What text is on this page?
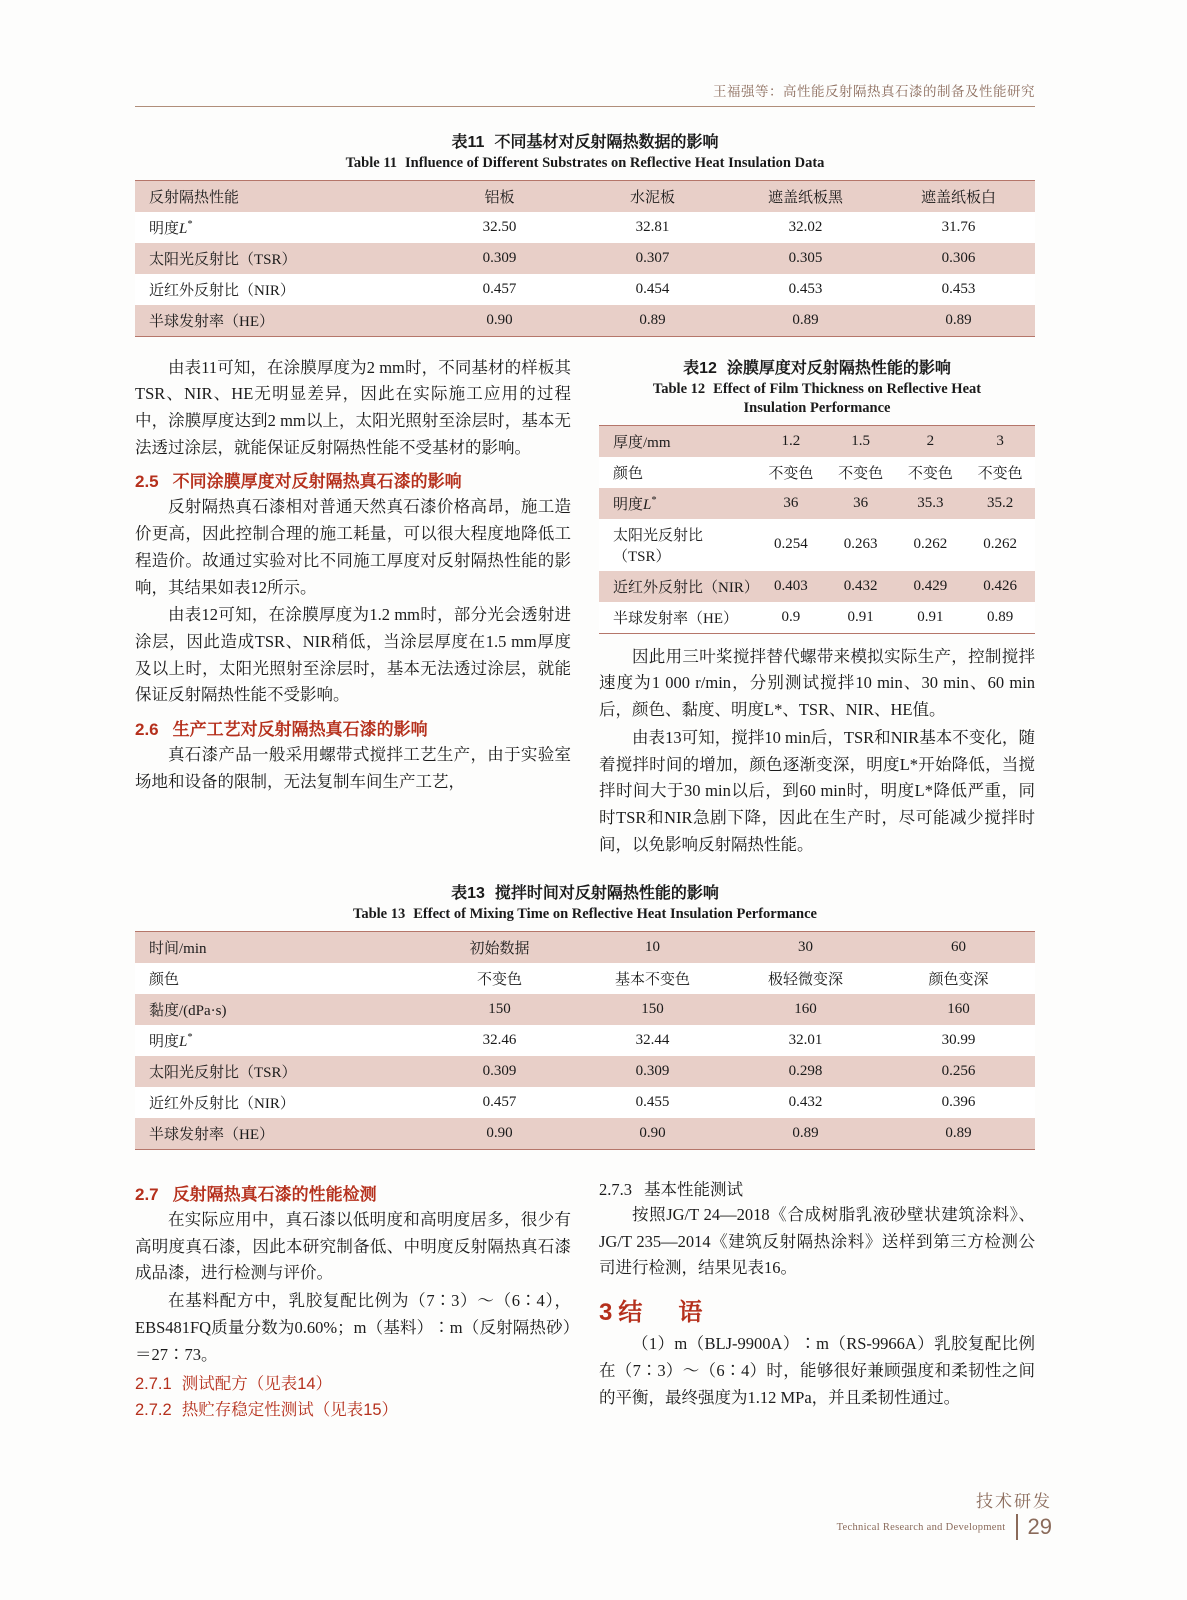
王福强等：高性能反射隔热真石漆的制备及性能研究
表11 不同基材对反射隔热数据的影响
Table 11 Influence of Different Substrates on Reflective Heat Insulation Data
反射隔热性能	铝板	水泥板	遮盖纸板黑	遮盖纸板白
明度L*	32.50	32.81	32.02	31.76
太阳光反射比（TSR）	0.309	0.307	0.305	0.306
近红外反射比（NIR）	0.457	0.454	0.453	0.453
半球发射率（HE）	0.90	0.89	0.89	0.89

由表11可知，在涂膜厚度为2 mm时，不同基材的样板其TSR、NIR、HE无明显差异，因此在实际施工应用的过程中，涂膜厚度达到2 mm以上，太阳光照射至涂层时，基本无法透过涂层，就能保证反射隔热性能不受基材的影响。

2.5 不同涂膜厚度对反射隔热真石漆的影响

反射隔热真石漆相对普通天然真石漆价格高昂，施工造价更高，因此控制合理的施工耗量，可以很大程度地降低工程造价。故通过实验对比不同施工厚度对反射隔热性能的影响，其结果如表12所示。

由表12可知，在涂膜厚度为1.2 mm时，部分光会透射进涂层，因此造成TSR、NIR稍低，当涂层厚度在1.5 mm厚度及以上时，太阳光照射至涂层时，基本无法透过涂层，就能保证反射隔热性能不受影响。

2.6 生产工艺对反射隔热真石漆的影响

真石漆产品一般采用螺带式搅拌工艺生产，由于实验室场地和设备的限制，无法复制车间生产工艺，

表12 涂膜厚度对反射隔热性能的影响
Table 12 Effect of Film Thickness on Reflective Heat
Insulation Performance
厚度/mm	1.2	1.5	2	3
颜色	不变色	不变色	不变色	不变色
明度L*	36	36	35.3	35.2
太阳光反射比（TSR）	0.254	0.263	0.262	0.262
近红外反射比（NIR）	0.403	0.432	0.429	0.426
半球发射率（HE）	0.9	0.91	0.91	0.89

因此用三叶桨搅拌替代螺带来模拟实际生产，控制搅拌速度为1 000 r/min，分别测试搅拌10 min、30 min、60 min后，颜色、黏度、明度L*、TSR、NIR、HE值。

由表13可知，搅拌10 min后，TSR和NIR基本不变化，随着搅拌时间的增加，颜色逐渐变深，明度L*开始降低，当搅拌时间大于30 min以后，到60 min时，明度L*降低严重，同时TSR和NIR急剧下降，因此在生产时，尽可能减少搅拌时间，以免影响反射隔热性能。

表13 搅拌时间对反射隔热性能的影响
Table 13 Effect of Mixing Time on Reflective Heat Insulation Performance
时间/min	初始数据	10	30	60
颜色	不变色	基本不变色	极轻微变深	颜色变深
黏度/(dPa·s)	150	150	160	160
明度L*	32.46	32.44	32.01	30.99
太阳光反射比（TSR）	0.309	0.309	0.298	0.256
近红外反射比（NIR）	0.457	0.455	0.432	0.396
半球发射率（HE）	0.90	0.90	0.89	0.89
2.7 反射隔热真石漆的性能检测

在实际应用中，真石漆以低明度和高明度居多，很少有高明度真石漆，因此本研究制备低、中明度反射隔热真石漆成品漆，进行检测与评价。

在基料配方中，乳胶复配比例为（7∶3）～（6∶4），EBS481FQ质量分数为0.60%；m（基料）∶m（反射隔热砂）＝27∶73。

2.7.1 测试配方（见表14）
2.7.2 热贮存稳定性测试（见表15）
2.7.3 基本性能测试

按照JG/T 24—2018《合成树脂乳液砂壁状建筑涂料》、JG/T 235—2014《建筑反射隔热涂料》送样到第三方检测公司进行检测，结果见表16。

3结　语

（1）m（BLJ-9900A）∶m（RS-9966A）乳胶复配比例在（7∶3）～（6∶4）时，能够很好兼顾强度和柔韧性之间的平衡，最终强度为1.12 MPa，并且柔韧性通过。

技术研发
Technical Research and Development 29
